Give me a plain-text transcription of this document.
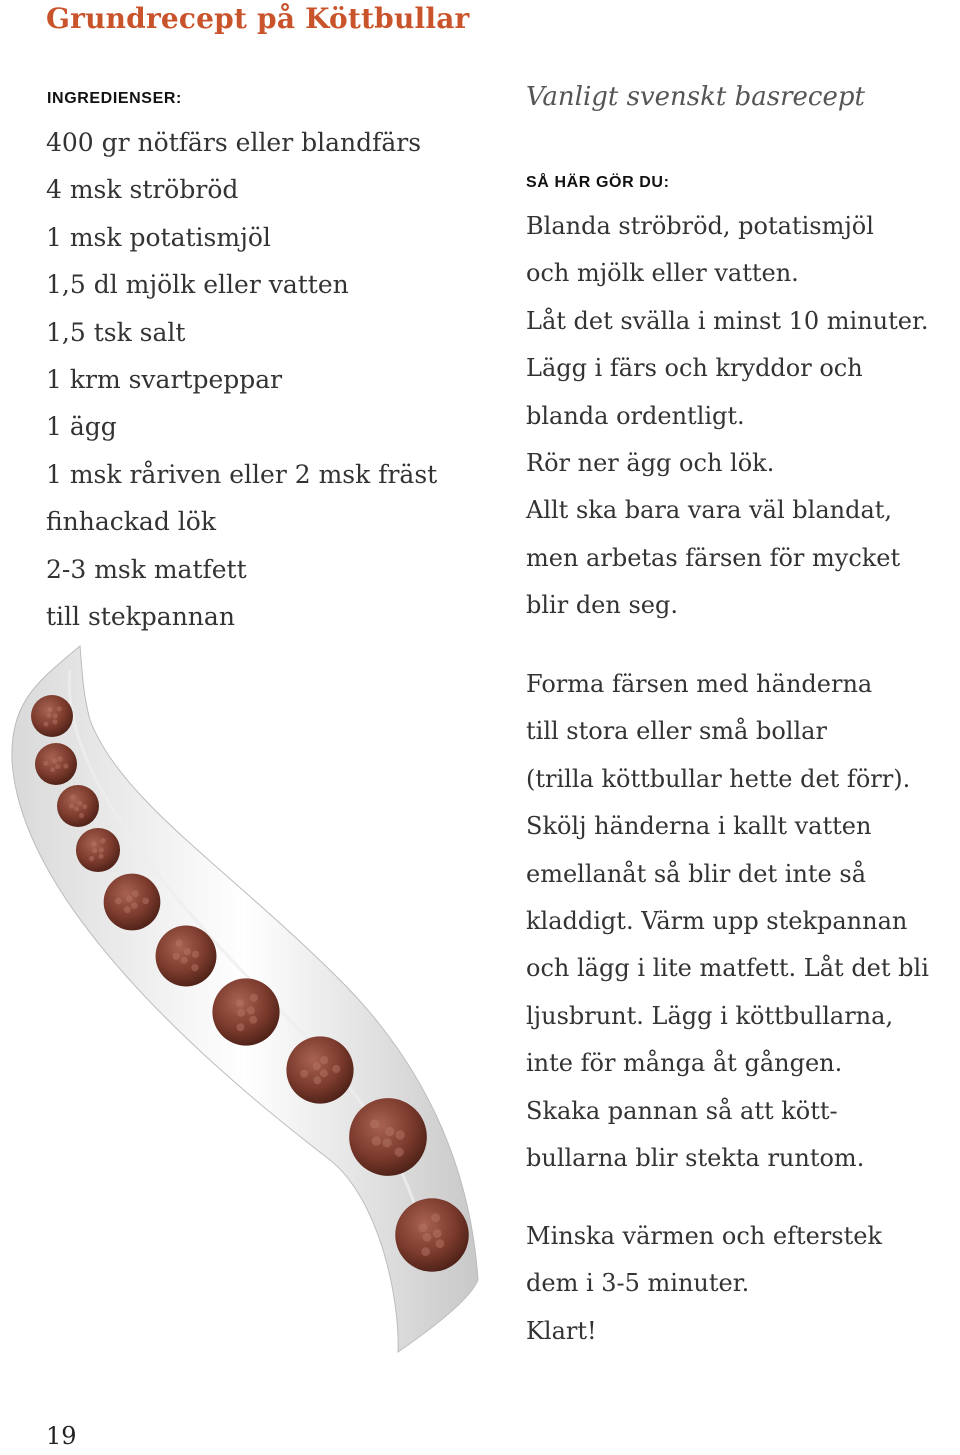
Grundrecept på Köttbullar
INGREDIENSER:
400 gr nötfärs eller blandfärs
4 msk ströbröd
1 msk potatismjöl
1,5 dl mjölk eller vatten
1,5 tsk salt
1 krm svartpeppar
1 ägg
1 msk råriven eller 2 msk fräst
finhackad lök
2-3 msk matfett
till stekpannan
Vanligt svenskt basrecept
SÅ HÄR GÖR DU:
Blanda ströbröd, potatismjöl
och mjölk eller vatten.
Låt det svälla i minst 10 minuter.
Lägg i färs och kryddor och
blanda ordentligt.
Rör ner ägg och lök.
Allt ska bara vara väl blandat,
men arbetas färsen för mycket
blir den seg.
Forma färsen med händerna
till stora eller små bollar
(trilla köttbullar hette det förr).
Skölj händerna i kallt vatten
emellanåt så blir det inte så
kladdigt. Värm upp stekpannan
och lägg i lite matfett. Låt det bli
ljusbrunt. Lägg i köttbullarna,
inte för många åt gången.
Skaka pannan så att kött-
bullarna blir stekta runtom.
Minska värmen och efterstek
dem i 3-5 minuter.
Klart!
19
